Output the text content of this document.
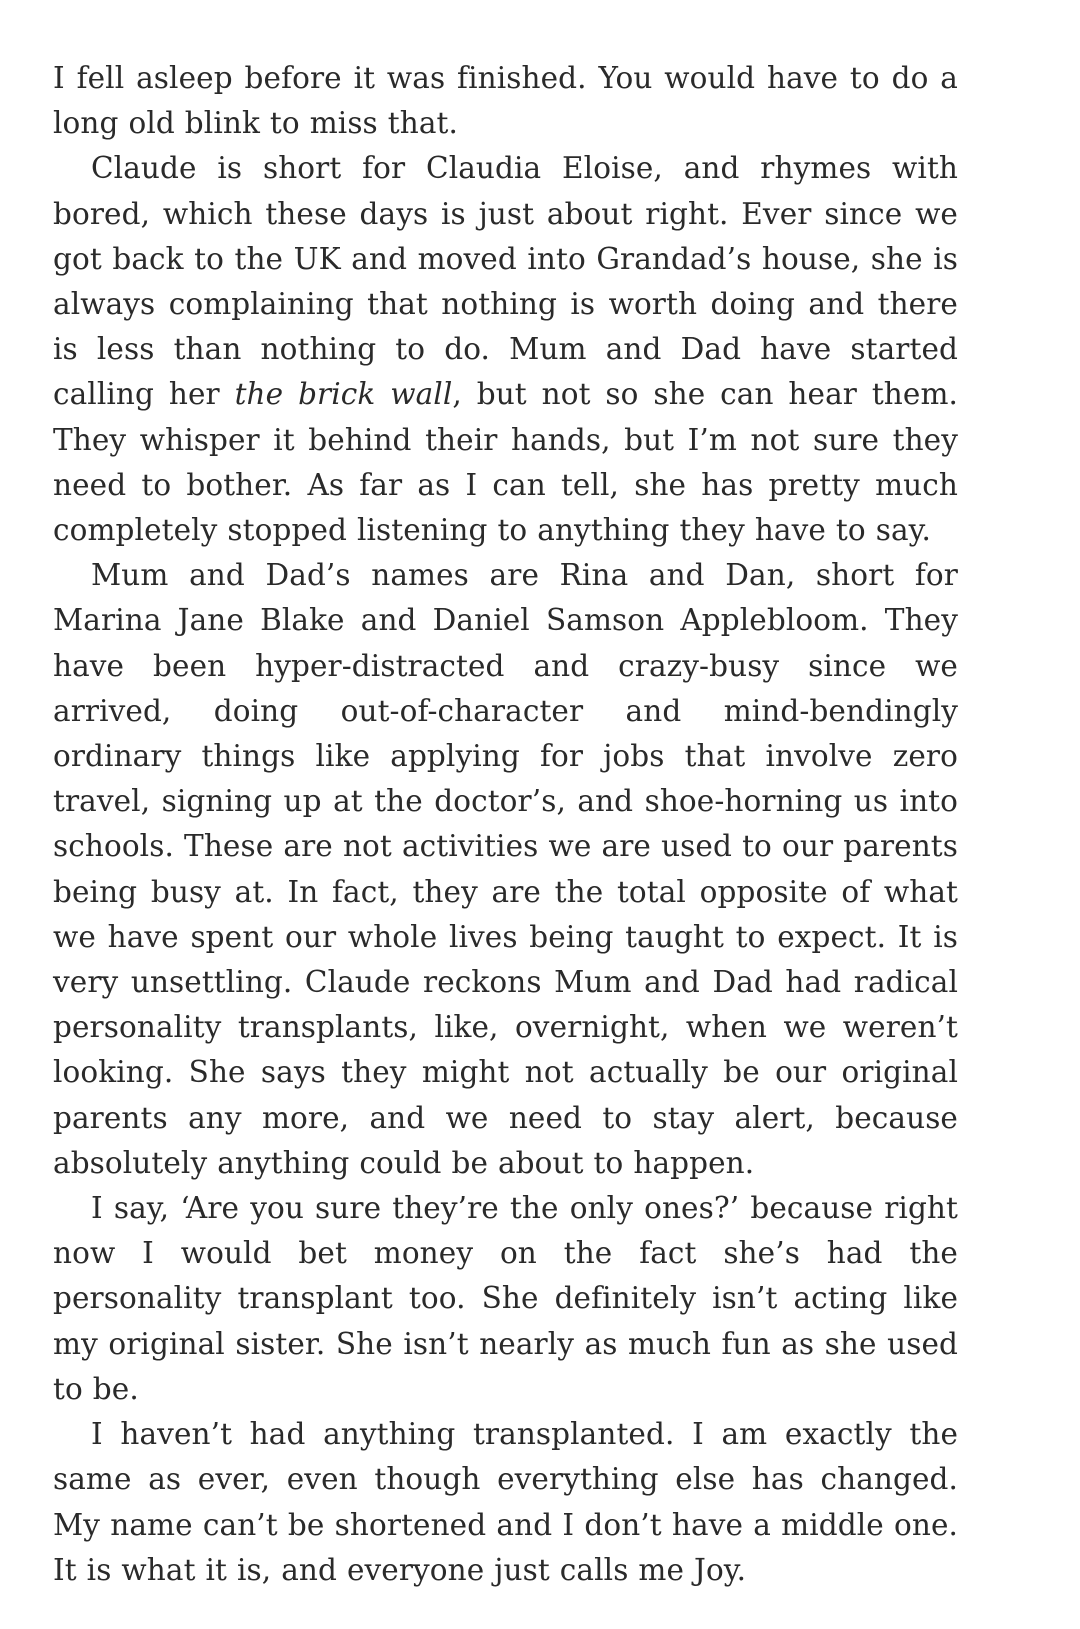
I fell asleep before it was finished. You would have to do a long old blink to miss that.

Claude is short for Claudia Eloise, and rhymes with bored, which these days is just about right. Ever since we got back to the UK and moved into Grandad’s house, she is always complaining that nothing is worth doing and there is less than nothing to do. Mum and Dad have started calling her the brick wall, but not so she can hear them. They whisper it behind their hands, but I’m not sure they need to bother. As far as I can tell, she has pretty much completely stopped listening to anything they have to say.

Mum and Dad’s names are Rina and Dan, short for Marina Jane Blake and Daniel Samson Applebloom. They have been hyper-distracted and crazy-busy since we arrived, doing out-of-character and mind-bendingly ordinary things like applying for jobs that involve zero travel, signing up at the doctor’s, and shoe-horning us into schools. These are not activities we are used to our parents being busy at. In fact, they are the total opposite of what we have spent our whole lives being taught to expect. It is very unsettling. Claude reckons Mum and Dad had radical personality transplants, like, overnight, when we weren’t looking. She says they might not actually be our original parents any more, and we need to stay alert, because absolutely anything could be about to happen.

I say, ‘Are you sure they’re the only ones?’ because right now I would bet money on the fact she’s had the personality transplant too. She definitely isn’t acting like my original sister. She isn’t nearly as much fun as she used to be.

I haven’t had anything transplanted. I am exactly the same as ever, even though everything else has changed. My name can’t be shortened and I don’t have a middle one. It is what it is, and everyone just calls me Joy.
